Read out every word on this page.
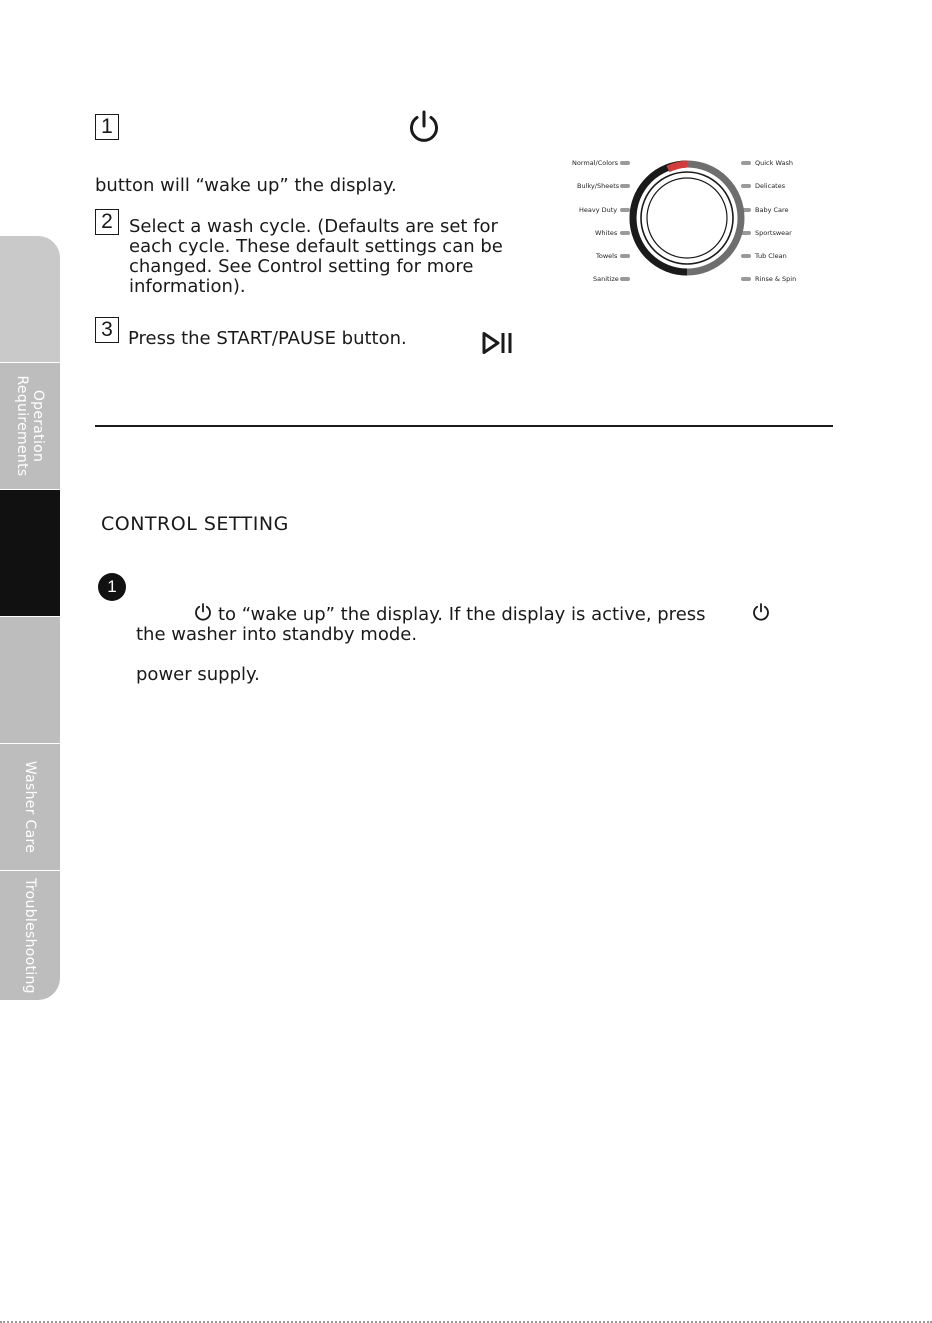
Operation
Requirements
Washer Care
Troubleshooting
1
button will “wake up” the display.
2 Select a wash cycle. (Defaults are set for
each cycle. These default settings can be
changed. See Control setting for more
information).
3 Press the START/PAUSE button.
Normal/Colors
Bulky/Sheets
Heavy Duty
Whites
Towels
Sanitize
Quick Wash
Delicates
Baby Care
Sportswear
Tub Clean
Rinse & Spin
Steam Cycle
CONTROL SETTING
1
to “wake up” the display. If the display is active, press
the washer into standby mode.
power supply.
